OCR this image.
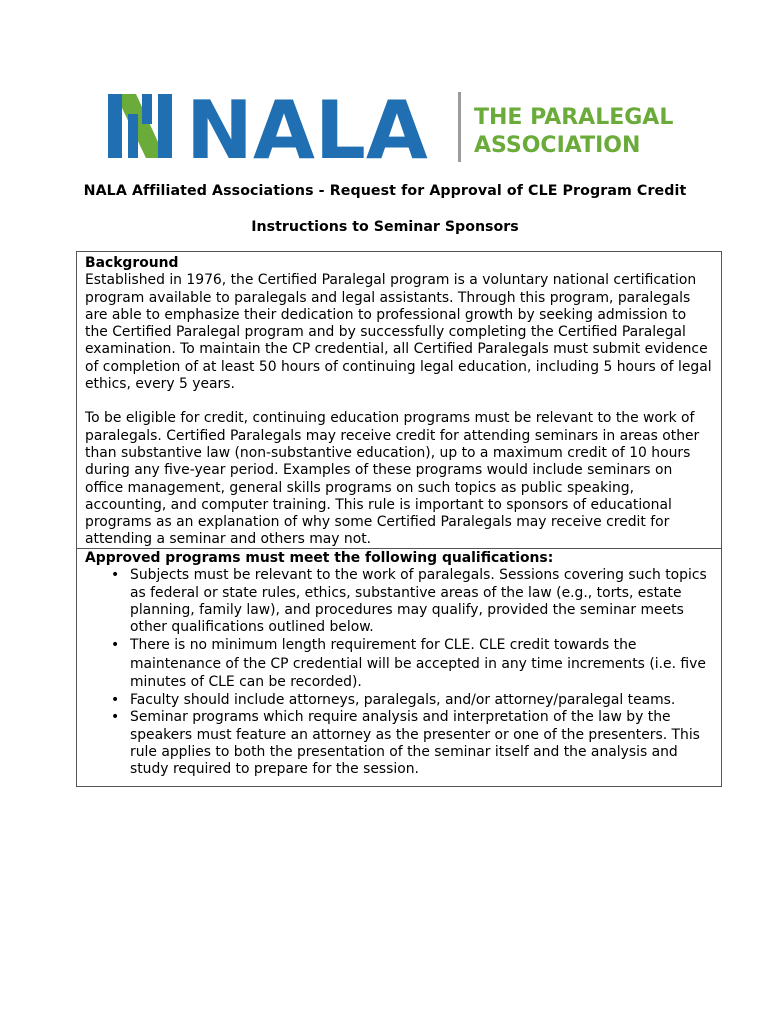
NALA THE PARALEGAL
ASSOCIATION
NALA Affiliated Associations - Request for Approval of CLE Program Credit
Instructions to Seminar Sponsors
Background

Established in 1976, the Certified Paralegal program is a voluntary national certification program available to paralegals and legal assistants. Through this program, paralegals are able to emphasize their dedication to professional growth by seeking admission to the Certified Paralegal program and by successfully completing the Certified Paralegal examination. To maintain the CP credential, all Certified Paralegals must submit evidence of completion of at least 50 hours of continuing legal education, including 5 hours of legal ethics, every 5 years.

To be eligible for credit, continuing education programs must be relevant to the work of paralegals. Certified Paralegals may receive credit for attending seminars in areas other than substantive law (non-substantive education), up to a maximum credit of 10 hours during any five-year period. Examples of these programs would include seminars on office management, general skills programs on such topics as public speaking, accounting, and computer training. This rule is important to sponsors of educational programs as an explanation of why some Certified Paralegals may receive credit for attending a seminar and others may not.

Approved programs must meet the following qualifications:
• Subjects must be relevant to the work of paralegals. Sessions covering such topics as federal or state rules, ethics, substantive areas of the law (e.g., torts, estate planning, family law), and procedures may qualify, provided the seminar meets other qualifications outlined below.
• There is no minimum length requirement for CLE. CLE credit towards the maintenance of the CP credential will be accepted in any time increments (i.e. five minutes of CLE can be recorded).
• Faculty should include attorneys, paralegals, and/or attorney/paralegal teams.
• Seminar programs which require analysis and interpretation of the law by the speakers must feature an attorney as the presenter or one of the presenters. This rule applies to both the presentation of the seminar itself and the analysis and study required to prepare for the session.
